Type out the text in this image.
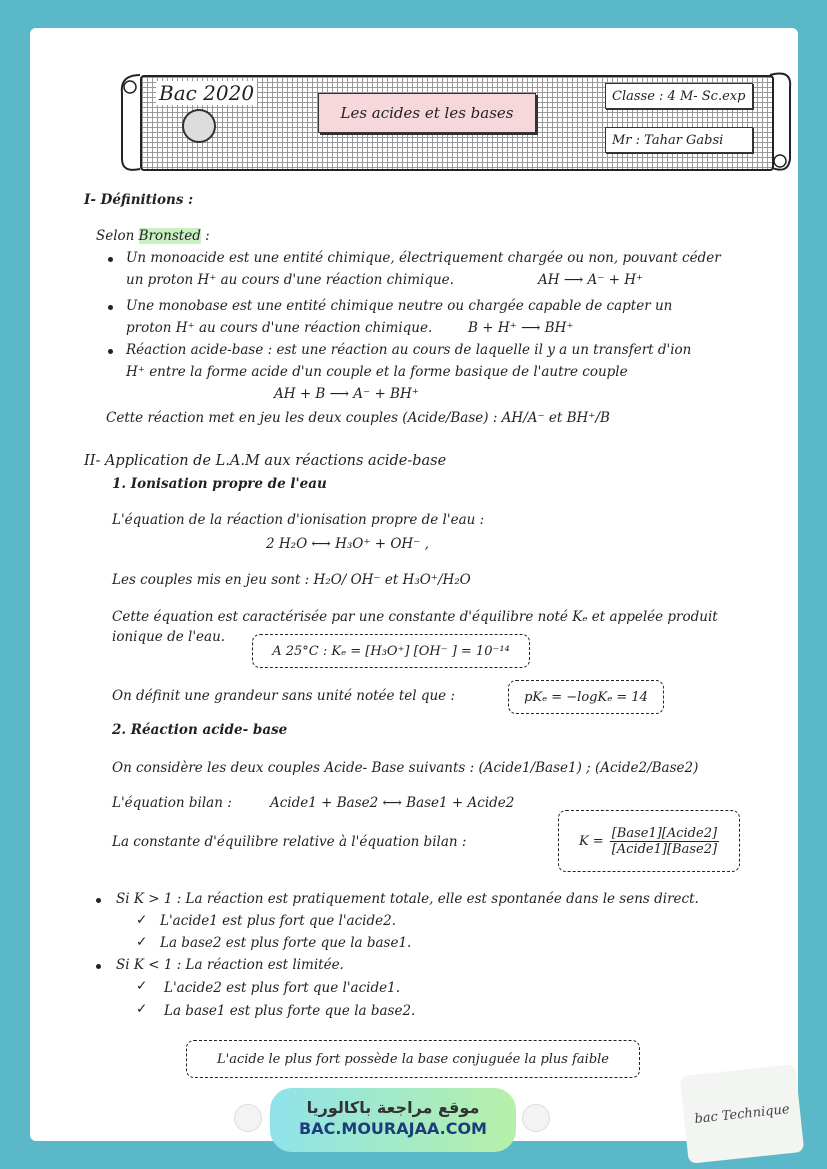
Bac 2020
Les acides et les bases
Classe : 4 M- Sc.exp
Mr : Tahar Gabsi
I- Définitions :
Selon Bronsted :
Un monoacide est une entité chimique, électriquement chargée ou non, pouvant céder
un proton H⁺ au cours d'une réaction chimique.	AH ⟶ A⁻ + H⁺
Une monobase est une entité chimique neutre ou chargée capable de capter un
proton H⁺ au cours d'une réaction chimique.	B + H⁺ ⟶ BH⁺
Réaction acide-base : est une réaction au cours de laquelle il y a un transfert d'ion
H⁺ entre la forme acide d'un couple et la forme basique de l'autre couple
AH + B ⟶ A⁻ + BH⁺
Cette réaction met en jeu les deux couples (Acide/Base) : AH/A⁻ et BH⁺/B
II- Application de L.A.M aux réactions acide-base
1. Ionisation propre de l'eau
L'équation de la réaction d'ionisation propre de l'eau :
2 H₂O ⟷ H₃O⁺ + OH⁻ ,
Les couples mis en jeu sont : H₂O/ OH⁻ et H₃O⁺/H₂O
Cette équation est caractérisée par une constante d'équilibre noté Kₑ et appelée produit
ionique de l'eau.
A 25°C : Kₑ = [H₃O⁺] [OH⁻ ] = 10⁻¹⁴
On définit une grandeur sans unité notée tel que :	pKₑ = −logKₑ = 14
2. Réaction acide- base
On considère les deux couples Acide- Base suivants : (Acide1/Base1) ; (Acide2/Base2)
L'équation bilan :	Acide1 + Base2 ⟷ Base1 + Acide2
La constante d'équilibre relative à l'équation bilan :	K =
[Base1][Acide2]
[Acide1][Base2]
Si K > 1 : La réaction est pratiquement totale, elle est spontanée dans le sens direct.
✓ L'acide1 est plus fort que l'acide2.
✓ La base2 est plus forte que la base1.
Si K < 1 : La réaction est limitée.
✓ L'acide2 est plus fort que l'acide1.
✓ La base1 est plus forte que la base2.
L'acide le plus fort possède la base conjuguée la plus faible
موقع مراجعة باكالوريا
BAC.MOURAJAA.COM
bac Technique
